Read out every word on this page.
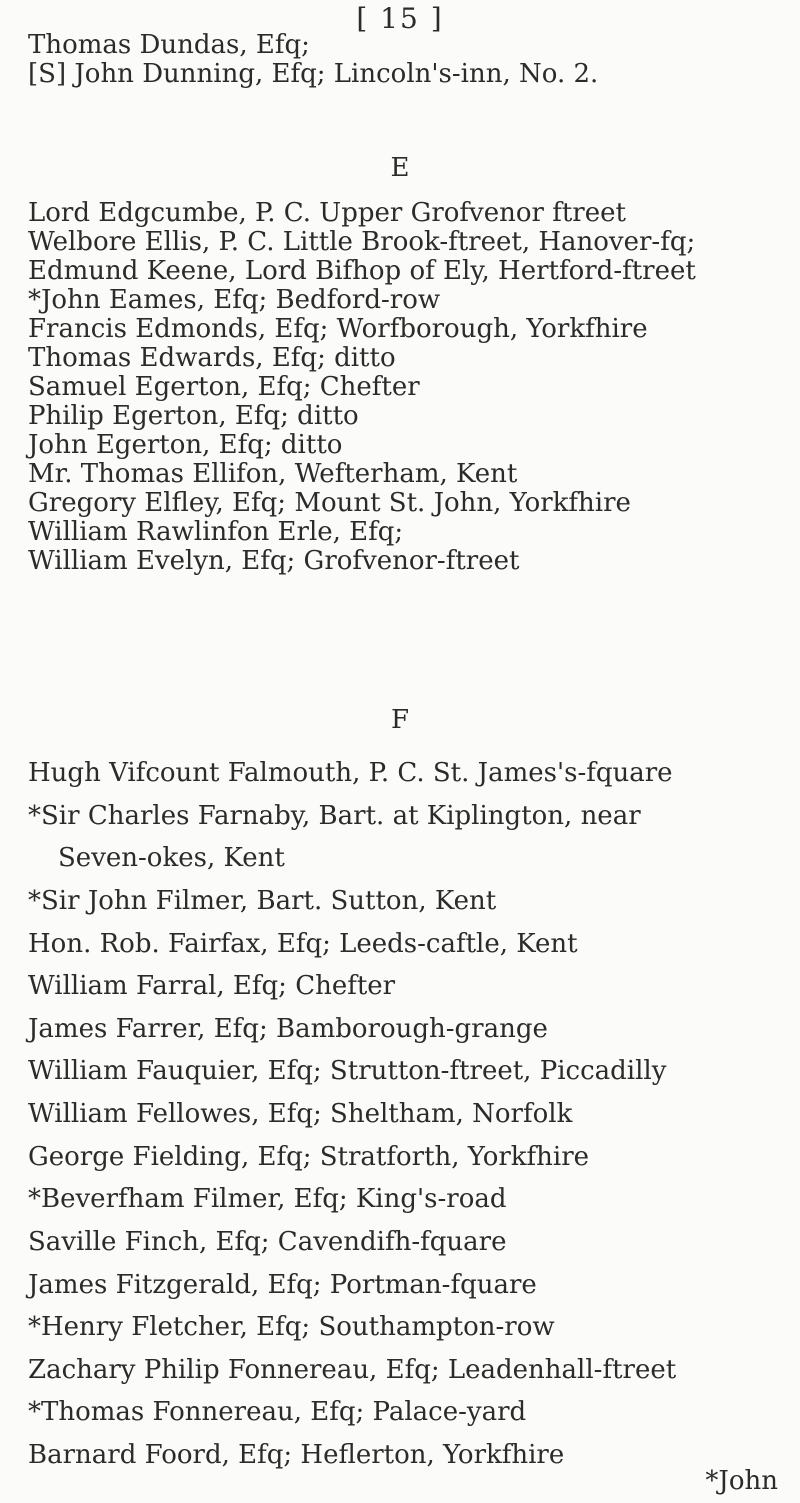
[ 15 ]
Thomas Dundas, Efq;
[S] John Dunning, Efq; Lincoln's-inn, No. 2.
E
Lord Edgcumbe, P. C. Upper Grofvenor ftreet
Welbore Ellis, P. C. Little Brook-ftreet, Hanover-fq;
Edmund Keene, Lord Bifhop of Ely, Hertford-ftreet
*John Eames, Efq; Bedford-row
Francis Edmonds, Efq; Worfborough, Yorkfhire
Thomas Edwards, Efq; ditto
Samuel Egerton, Efq; Chefter
Philip Egerton, Efq; ditto
John Egerton, Efq; ditto
Mr. Thomas Ellifon, Wefterham, Kent
Gregory Elfley, Efq; Mount St. John, Yorkfhire
William Rawlinfon Erle, Efq;
William Evelyn, Efq; Grofvenor-ftreet
F
Hugh Vifcount Falmouth, P. C. St. James's-fquare
*Sir Charles Farnaby, Bart. at Kiplington, near
Seven-okes, Kent
*Sir John Filmer, Bart. Sutton, Kent
Hon. Rob. Fairfax, Efq; Leeds-caftle, Kent
William Farral, Efq; Chefter
James Farrer, Efq; Bamborough-grange
William Fauquier, Efq; Strutton-ftreet, Piccadilly
William Fellowes, Efq; Sheltham, Norfolk
George Fielding, Efq; Stratforth, Yorkfhire
*Beverfham Filmer, Efq; King's-road
Saville Finch, Efq; Cavendifh-fquare
James Fitzgerald, Efq; Portman-fquare
*Henry Fletcher, Efq; Southampton-row
Zachary Philip Fonnereau, Efq; Leadenhall-ftreet
*Thomas Fonnereau, Efq; Palace-yard
Barnard Foord, Efq; Heflerton, Yorkfhire
*John
